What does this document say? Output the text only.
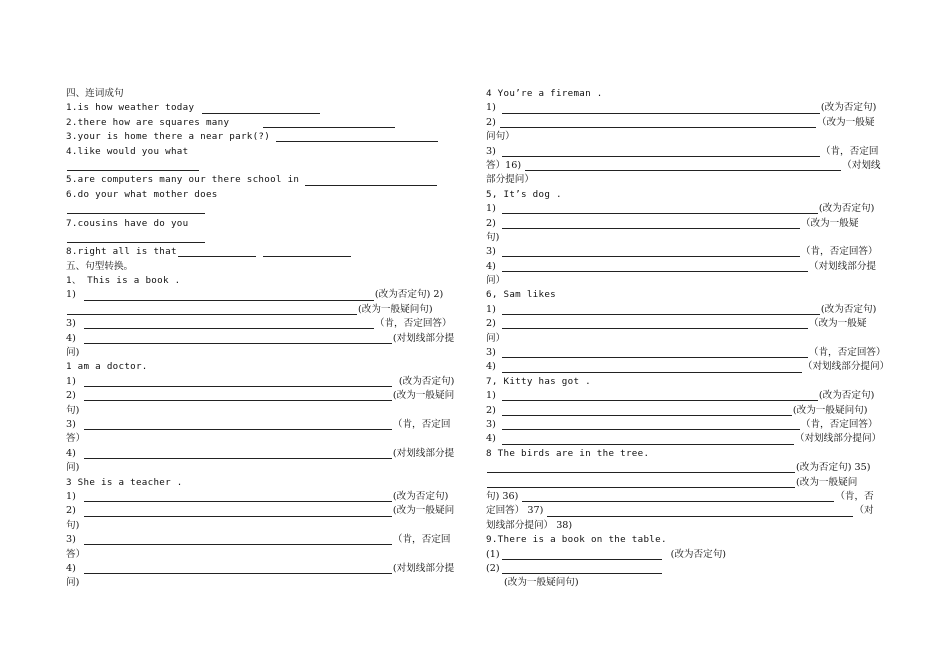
四、连词成句
1.is how weather today
2.there how are squares many
3.your is home there a near park(?)
4.like would you what
5.are computers many our there school in
6.do your what mother does
7.cousins have do you
8.right all is that
五、句型转换。
1、 This is a book .
1)	(改为否定句) 2)
(改为一般疑问句)
3)	（肯，否定回答）
4)	(对划线部分提
问)
1 am a doctor.
1)	(改为否定句)
2)	(改为一般疑问
句)
3)	（肯，否定回
答）
4)	(对划线部分提
问)
3 She is a teacher .
1)	(改为否定句)
2)	(改为一般疑问
句)
3)	（肯，否定回
答）
4)	(对划线部分提
问)
4 You’re a fireman .
1)	(改为否定句)
2)	（改为一般疑
问句）
3)	（肯，否定回
答）16)	（对划线
部分提问）
5, It’s dog .
1)	(改为否定句)
2)	（改为一般疑
句)
3)	（肯，否定回答）
4)	（对划线部分提
问）
6, Sam likes
1)	(改为否定句)
2)	（改为一般疑
问）
3)	（肯，否定回答）
4)	（对划线部分提问）
7, Kitty has got .
1)	(改为否定句)
2)	(改为一般疑问句)
3)	（肯，否定回答）
4)	（对划线部分提问）
8 The birds are in the tree.
(改为否定句) 35)
(改为一般疑问
句) 36)	（肯，否
定回答） 37)	（对
划线部分提问） 38)
9.There is a book on the table.
(1)	(改为否定句)
(2)
(改为一般疑问句)
